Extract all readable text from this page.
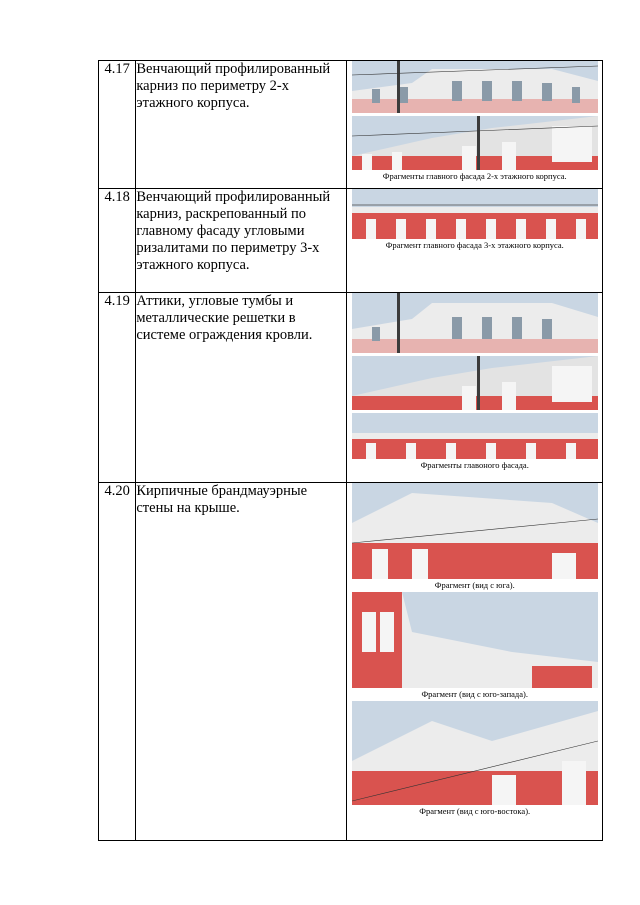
4.17	Венчающий профилированный карниз по периметру 2-х этажного корпуса.	Фрагменты главного фасада 2-х этажного корпуса.

4.18	Венчающий профилированный карниз, раскрепованный по главному фасаду угловыми ризалитами по периметру 3-х этажного корпуса.	Фрагмент главного фасада 3-х этажного корпуса.

4.19	Аттики, угловые тумбы и металлические решетки в системе ограждения кровли.	Фрагменты главоного фасада.

4.20	Кирпичные брандмауэрные стены на крыше.	Фрагмент (вид с юга).
Фрагмент (вид с юго-запада).
Фрагмент (вид с юго-востока).
